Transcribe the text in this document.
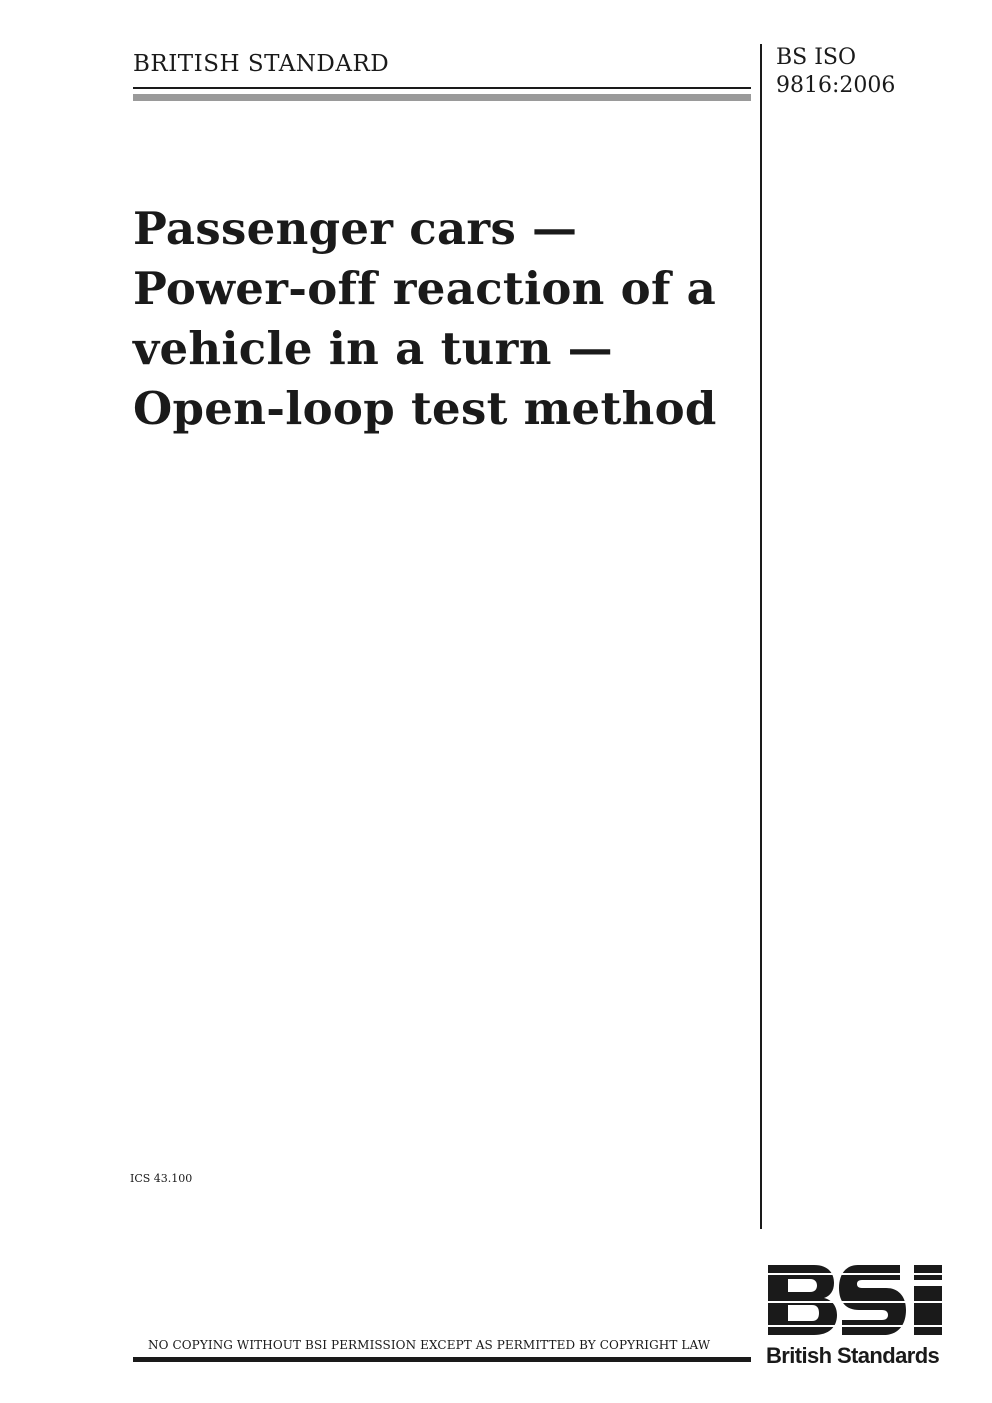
BRITISH STANDARD	BS ISO
9816:2006
Passenger cars —
Power-off reaction of a
vehicle in a turn —
Open-loop test method
ICS 43.100
NO COPYING WITHOUT BSI PERMISSION EXCEPT AS PERMITTED BY COPYRIGHT LAW	British Standards
